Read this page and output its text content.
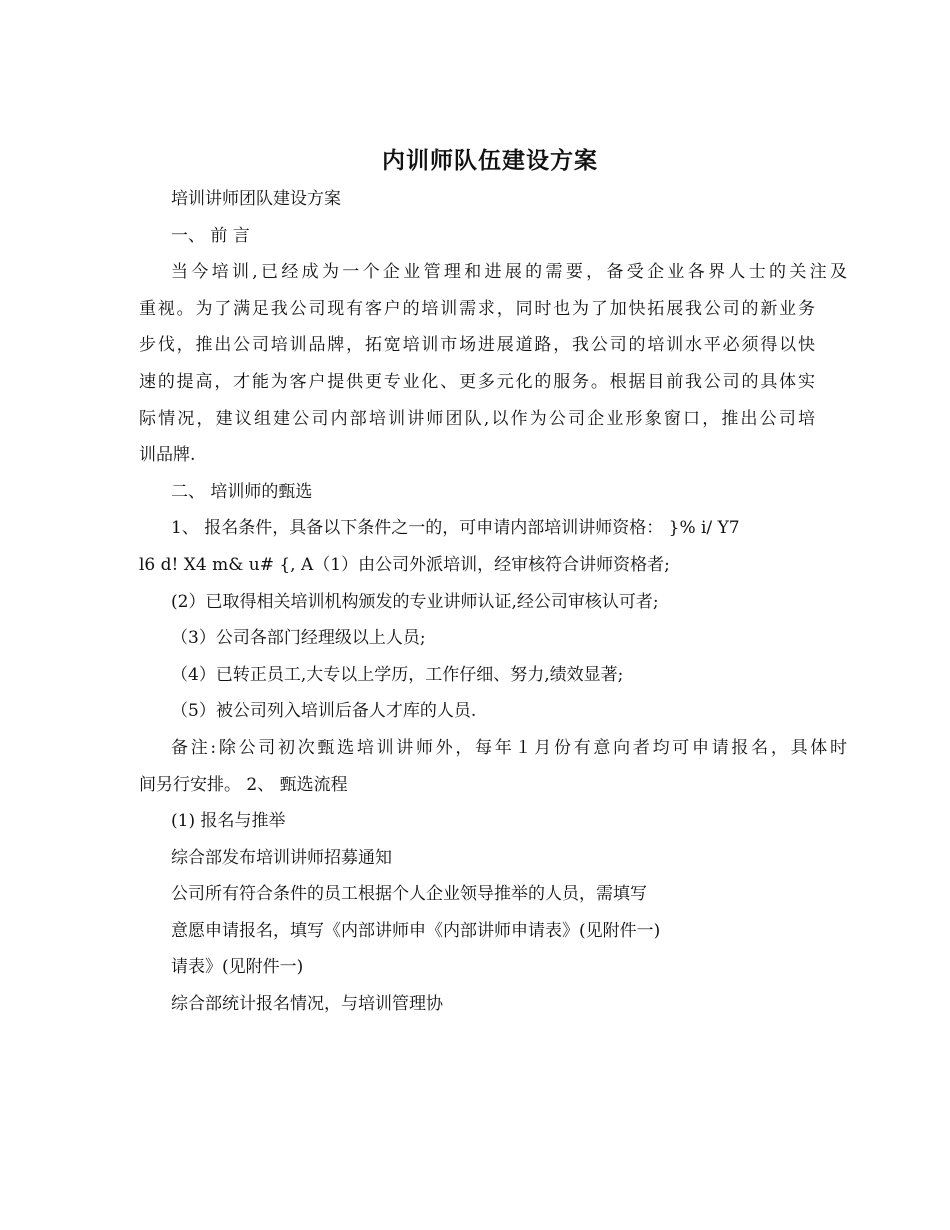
内训师队伍建设方案
培训讲师团队建设方案
一、 前 言
当今培训,已经成为一个企业管理和进展的需要，备受企业各界人士的关注及
重视。为了满足我公司现有客户的培训需求，同时也为了加快拓展我公司的新业务
步伐，推出公司培训品牌，拓宽培训市场进展道路，我公司的培训水平必须得以快
速的提高，才能为客户提供更专业化、更多元化的服务。根据目前我公司的具体实
际情况，建议组建公司内部培训讲师团队,以作为公司企业形象窗口，推出公司培
训品牌.
二、 培训师的甄选
1、 报名条件，具备以下条件之一的，可申请内部培训讲师资格： }% i/ Y7
l6 d! X4 m& u# {, A（1）由公司外派培训，经审核符合讲师资格者;
(2）已取得相关培训机构颁发的专业讲师认证,经公司审核认可者;
（3）公司各部门经理级以上人员;
（4）已转正员工,大专以上学历，工作仔细、努力,绩效显著;
（5）被公司列入培训后备人才库的人员.
备注:除公司初次甄选培训讲师外，每年１月份有意向者均可申请报名，具体时
间另行安排。 2、 甄选流程
(1) 报名与推举
综合部发布培训讲师招募通知
公司所有符合条件的员工根据个人企业领导推举的人员，需填写
意愿申请报名，填写《内部讲师申《内部讲师申请表》(见附件一)
请表》(见附件一)
综合部统计报名情况，与培训管理协
